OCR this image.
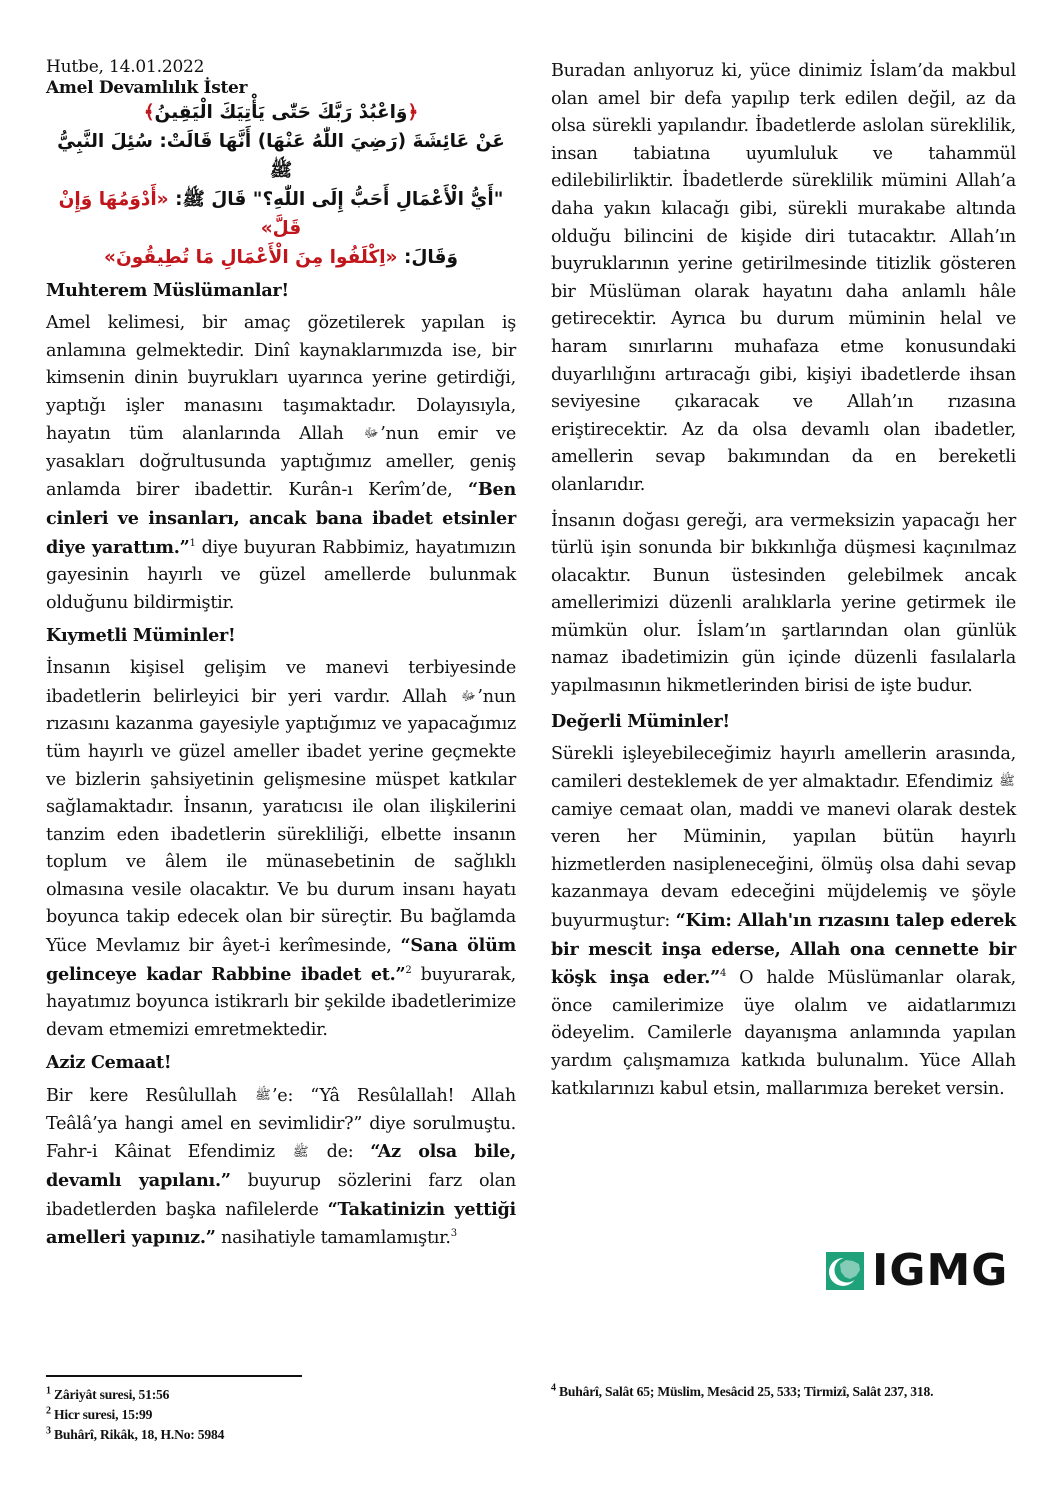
Hutbe, 14.01.2022
Amel Devamlılık İster
﴿وَاعْبُدْ رَبَّكَ حَتّٰى يَأْتِيَكَ الْيَقِينُ﴾
عَنْ عَائِشَةَ (رَضِيَ اللّٰهُ عَنْهَا) أَنَّهَا قَالَتْ: سُئِلَ النَّبِيُّ ﷺ
"أَيُّ الْأَعْمَالِ أَحَبُّ إِلَى اللّٰهِ؟" قَالَ ﷺ: «أَدْوَمُهَا وَإِنْ قَلَّ»
وَقَالَ: «اِكْلَفُوا مِنَ الْأَعْمَالِ مَا تُطِيقُونَ»
Muhterem Müslümanlar!

Amel kelimesi, bir amaç gözetilerek yapılan iş anlamına gelmektedir. Dinî kaynaklarımızda ise, bir kimsenin dinin buyrukları uyarınca yerine getirdiği, yaptığı işler manasını taşımaktadır. Dolayısıyla, hayatın tüm alanlarında Allah ﷻ’nun emir ve yasakları doğrultusunda yaptığımız ameller, geniş anlamda birer ibadettir. Kurân-ı Kerîm’de, “Ben cinleri ve insanları, ancak bana ibadet etsinler diye yarattım.”$^1$ diye buyuran Rabbimiz, hayatımızın gayesinin hayırlı ve güzel amellerde bulunmak olduğunu bildirmiştir.

Kıymetli Müminler!

İnsanın kişisel gelişim ve manevi terbiyesinde ibadetlerin belirleyici bir yeri vardır. Allah ﷻ’nun rızasını kazanma gayesiyle yaptığımız ve yapacağımız tüm hayırlı ve güzel ameller ibadet yerine geçmekte ve bizlerin şahsiyetinin gelişmesine müspet katkılar sağlamaktadır. İnsanın, yaratıcısı ile olan ilişkilerini tanzim eden ibadetlerin sürekliliği, elbette insanın toplum ve âlem ile münasebetinin de sağlıklı olmasına vesile olacaktır. Ve bu durum insanı hayatı boyunca takip edecek olan bir süreçtir. Bu bağlamda Yüce Mevlamız bir âyet-i kerîmesinde, “Sana ölüm gelinceye kadar Rabbine ibadet et.”$^2$ buyurarak, hayatımız boyunca istikrarlı bir şekilde ibadetlerimize devam etmemizi emretmektedir.

Aziz Cemaat!

Bir kere Resûlullah ﷺ’e: “Yâ Resûlallah! Allah Teâlâ’ya hangi amel en sevimlidir?” diye sorulmuştu. Fahr-i Kâinat Efendimiz ﷺ de: “Az olsa bile, devamlı yapılanı.” buyurup sözlerini farz olan ibadetlerden başka nafilelerde “Takatinizin yettiği amelleri yapınız.” nasihatiyle tamamlamıştır.$^3$

Buradan anlıyoruz ki, yüce dinimiz İslam’da makbul olan amel bir defa yapılıp terk edilen değil, az da olsa sürekli yapılandır. İbadetlerde aslolan süreklilik, insan tabiatına uyumluluk ve tahammül edilebilirliktir. İbadetlerde süreklilik mümini Allah’a daha yakın kılacağı gibi, sürekli murakabe altında olduğu bilincini de kişide diri tutacaktır. Allah’ın buyruklarının yerine getirilmesinde titizlik gösteren bir Müslüman olarak hayatını daha anlamlı hâle getirecektir. Ayrıca bu durum müminin helal ve haram sınırlarını muhafaza etme konusundaki duyarlılığını artıracağı gibi, kişiyi ibadetlerde ihsan seviyesine çıkaracak ve Allah’ın rızasına eriştirecektir. Az da olsa devamlı olan ibadetler, amellerin sevap bakımından da en bereketli olanlarıdır.

İnsanın doğası gereği, ara vermeksizin yapacağı her türlü işin sonunda bir bıkkınlığa düşmesi kaçınılmaz olacaktır. Bunun üstesinden gelebilmek ancak amellerimizi düzenli aralıklarla yerine getirmek ile mümkün olur. İslam’ın şartlarından olan günlük namaz ibadetimizin gün içinde düzenli fasılalarla yapılmasının hikmetlerinden birisi de işte budur.

Değerli Müminler!

Sürekli işleyebileceğimiz hayırlı amellerin arasında, camileri desteklemek de yer almaktadır. Efendimiz ﷺ camiye cemaat olan, maddi ve manevi olarak destek veren her Müminin, yapılan bütün hayırlı hizmetlerden nasipleneceğini, ölmüş olsa dahi sevap kazanmaya devam edeceğini müjdelemiş ve şöyle buyurmuştur: “Kim: Allah'ın rızasını talep ederek bir mescit inşa ederse, Allah ona cennette bir köşk inşa eder.”$^4$ O halde Müslümanlar olarak, önce camilerimize üye olalım ve aidatlarımızı ödeyelim. Camilerle dayanışma anlamında yapılan yardım çalışmamıza katkıda bulunalım. Yüce Allah katkılarınızı kabul etsin, mallarımıza bereket versin.

IGMG
$^1$ Zâriyât suresi, 51:56
$^2$ Hicr suresi, 15:99
$^3$ Buhârî, Rikâk, 18, H.No: 5984
$^4$ Buhârî, Salât 65; Müslim, Mesâcid 25, 533; Tirmizî, Salât 237, 318.
